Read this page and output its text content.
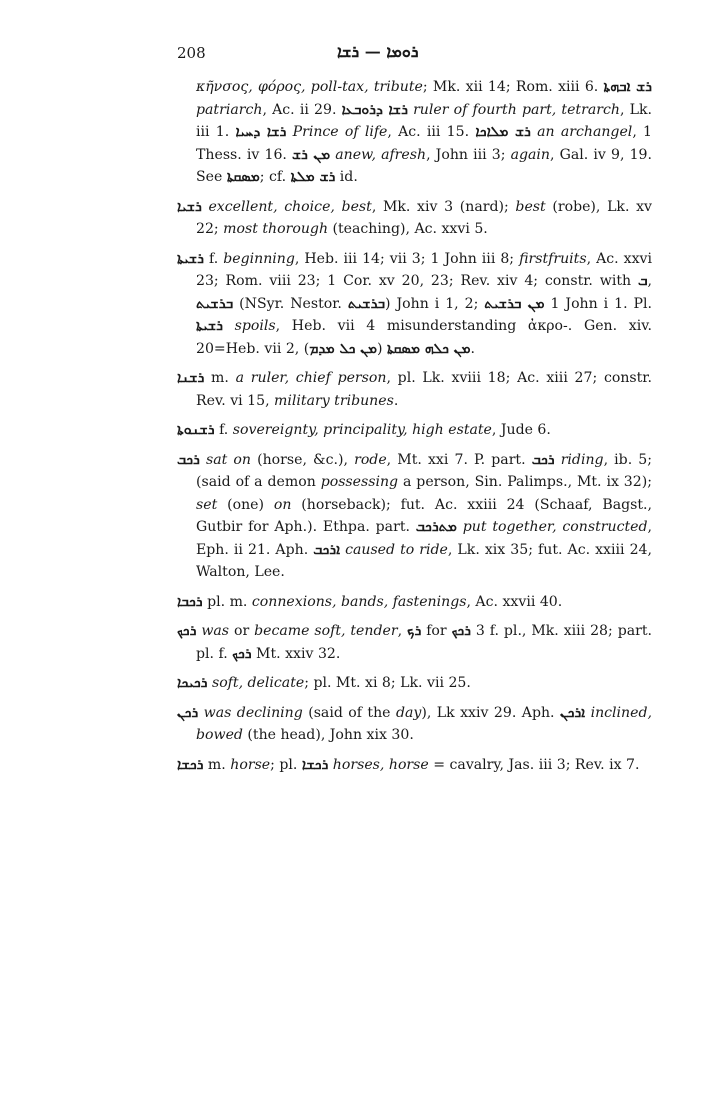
208	ܪܘܡܐ — ܪܫܐ

κῆνσος, φόρος, poll-tax, tribute; Mk. xii 14; Rom. xiii 6. ܪܫ ܐܒܗܬܐ patriarch, Ac. ii 29. ܪܫܐ ܕܪܘܒܥܐ ruler of fourth part, tetrarch, Lk. iii 1. ܪܫܐ ܕܚܝܐ Prince of life, Ac. iii 15. ܪܫ ܡܠܐܟܐ an archangel, 1 Thess. iv 16. ܡܢ ܪܫ anew, afresh, John iii 3; again, Gal. iv 9, 19. See ܡܣܩܬܐ; cf. ܪܫ ܡܠܬܐ id.

ܪܫܝܐ excellent, choice, best, Mk. xiv 3 (nard); best (robe), Lk. xv 22; most thorough (teaching), Ac. xxvi 5.

ܪܫܝܬܐ f. beginning, Heb. iii 14; vii 3; 1 John iii 8; firstfruits, Ac. xxvi 23; Rom. viii 23; 1 Cor. xv 20, 23; Rev. xiv 4; constr. with ܒ, ܒܪܫܝܬ (NSyr. Nestor. ܒܪܫܝܬ) John i 1, 2; ܡܢ ܒܪܫܝܬ 1 John i 1. Pl. ܪܫܝܬܐ spoils, Heb. vii 4 misunderstanding ἀκρο-. Gen. xiv. 20=Heb. vii 2, (ܡܢ ܟܠ ܡܕܡ) ܡܢ ܟܠܗ ܡܣܩܬܐ.

ܪܫܢܐ m. a ruler, chief person, pl. Lk. xviii 18; Ac. xiii 27; constr. Rev. vi 15, military tribunes.

ܪܫܢܘܬܐ f. sovereignty, principality, high estate, Jude 6.

ܪܟܒ sat on (horse, &c.), rode, Mt. xxi 7. P. part. ܪܟܒ riding, ib. 5; (said of a demon possessing a person, Sin. Palimps., Mt. ix 32); set (one) on (horseback); fut. Ac. xxiii 24 (Schaaf, Bagst., Gutbir for Aph.). Ethpa. part. ܡܬܪܟܒ put together, constructed, Eph. ii 21. Aph. ܐܪܟܒ caused to ride, Lk. xix 35; fut. Ac. xxiii 24, Walton, Lee.

ܪܟܒܐ pl. m. connexions, bands, fastenings, Ac. xxvii 40.

ܪܟܟ was or became soft, tender, ܪܟ for ܪܟܟ 3 f. pl., Mk. xiii 28; part. pl. f. ܪܟܟ Mt. xxiv 32.

ܪܟܝܟܐ soft, delicate; pl. Mt. xi 8; Lk. vii 25.

ܪܟܢ was declining (said of the day), Lk xxiv 29. Aph. ܐܪܟܢ inclined, bowed (the head), John xix 30.

ܪܟܫܐ m. horse; pl. ܪܟܫܐ horses, horse = cavalry, Jas. iii 3; Rev. ix 7.
